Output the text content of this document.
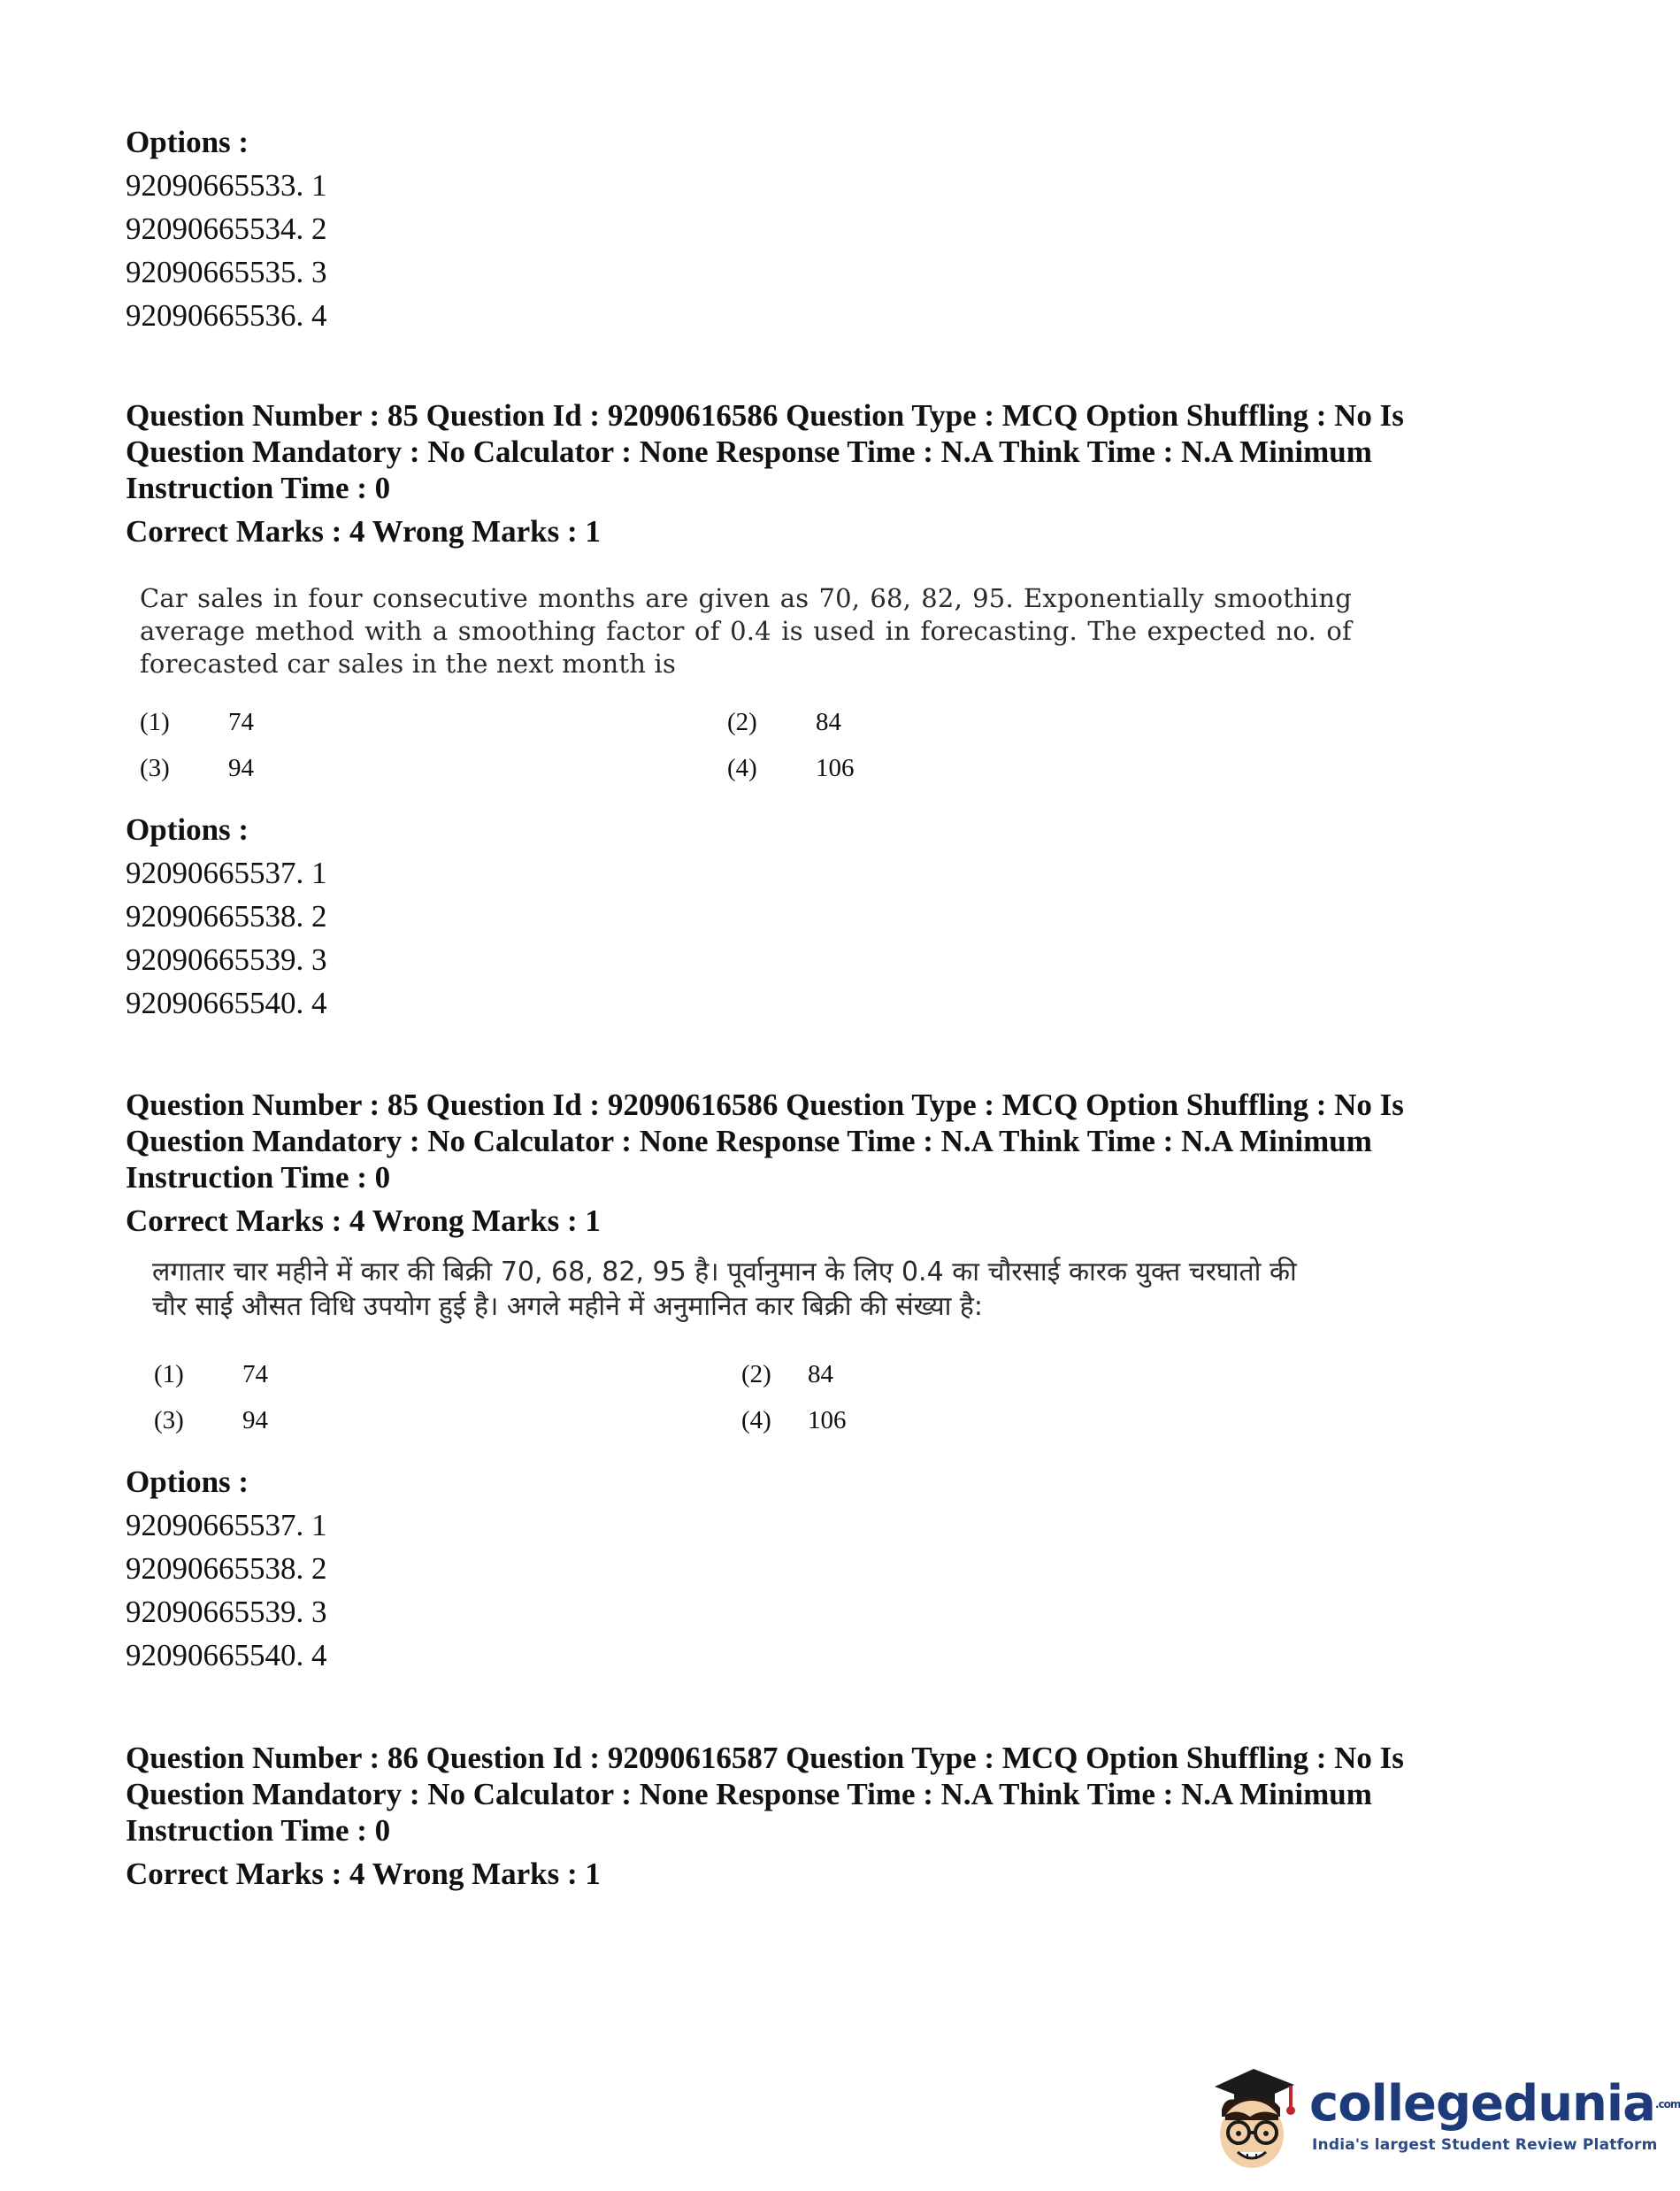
Options :

92090665533. 1

92090665534. 2

92090665535. 3

92090665536. 4

Question Number : 85 Question Id : 92090616586 Question Type : MCQ Option Shuffling : No Is

Question Mandatory : No Calculator : None Response Time : N.A Think Time : N.A Minimum

Instruction Time : 0

Correct Marks : 4 Wrong Marks : 1

Car sales in four consecutive months are given as 70, 68, 82, 95. Exponentially smoothing average method with a smoothing factor of 0.4 is used in forecasting. The expected no. of forecasted car sales in the next month is
(1) 74	(2) 84
(3) 94	(4) 106

Options :

92090665537. 1

92090665538. 2

92090665539. 3

92090665540. 4

Question Number : 85 Question Id : 92090616586 Question Type : MCQ Option Shuffling : No Is

Question Mandatory : No Calculator : None Response Time : N.A Think Time : N.A Minimum

Instruction Time : 0

Correct Marks : 4 Wrong Marks : 1

लगातार चार महीने में कार की बिक्री 70, 68, 82, 95 है। पूर्वानुमान के लिए 0.4 का चौरसाई कारक युक्त चरघातो की
चौर साई औसत विधि उपयोग हुई है। अगले महीने में अनुमानित कार बिक्री की संख्या है:
(1) 74	(2) 84
(3) 94	(4) 106

Options :

92090665537. 1

92090665538. 2

92090665539. 3

92090665540. 4

Question Number : 86 Question Id : 92090616587 Question Type : MCQ Option Shuffling : No Is

Question Mandatory : No Calculator : None Response Time : N.A Think Time : N.A Minimum

Instruction Time : 0

Correct Marks : 4 Wrong Marks : 1

collegedunia$^{.com}$
India's largest Student Review Platform
